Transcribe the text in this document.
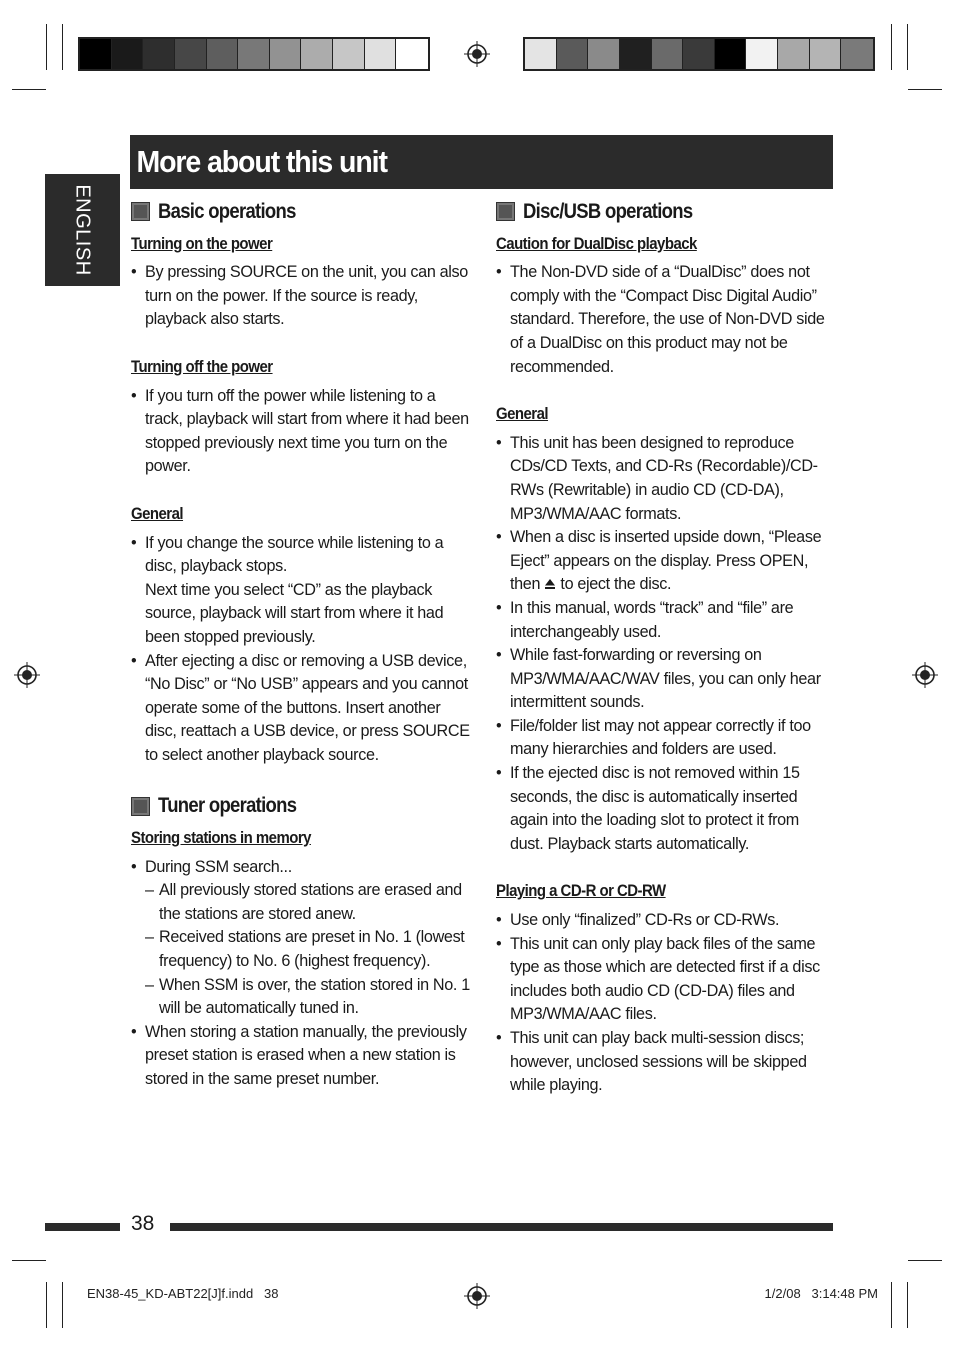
More about this unit
ENGLISH	Basic operations
Turning on the power
• By pressing SOURCE on the unit, you can also turn on the power. If the source is ready, playback also starts.
Turning off the power
• If you turn off the power while listening to a track, playback will start from where it had been stopped previously next time you turn on the power.
General
• If you change the source while listening to a disc, playback stops.
Next time you select “CD” as the playback source, playback will start from where it had been stopped previously.
• After ejecting a disc or removing a USB device, “No Disc” or “No USB” appears and you cannot operate some of the buttons. Insert another disc, reattach a USB device, or press SOURCE to select another playback source.
Tuner operations
Storing stations in memory
• During SSM search...
– All previously stored stations are erased and the stations are stored anew.
– Received stations are preset in No. 1 (lowest frequency) to No. 6 (highest frequency).
– When SSM is over, the station stored in No. 1 will be automatically tuned in.
• When storing a station manually, the previously preset station is erased when a new station is stored in the same preset number.
Disc/USB operations
Caution for DualDisc playback
• The Non-DVD side of a “DualDisc” does not comply with the “Compact Disc Digital Audio” standard. Therefore, the use of Non-DVD side of a DualDisc on this product may not be recommended.
General
• This unit has been designed to reproduce CDs/CD Texts, and CD-Rs (Recordable)/CD-RWs (Rewritable) in audio CD (CD-DA), MP3/WMA/AAC formats.
• When a disc is inserted upside down, “Please Eject” appears on the display. Press OPEN, then to eject the disc.
• In this manual, words “track” and “file” are interchangeably used.
• While fast-forwarding or reversing on MP3/WMA/AAC/WAV files, you can only hear intermittent sounds.
• File/folder list may not appear correctly if too many hierarchies and folders are used.
• If the ejected disc is not removed within 15 seconds, the disc is automatically inserted again into the loading slot to protect it from dust. Playback starts automatically.
Playing a CD-R or CD-RW
• Use only “finalized” CD-Rs or CD-RWs.
• This unit can only play back files of the same type as those which are detected first if a disc includes both audio CD (CD-DA) files and MP3/WMA/AAC files.
• This unit can play back multi-session discs; however, unclosed sessions will be skipped while playing.
38
EN38-45_KD-ABT22[J]f.indd   38	1/2/08   3:14:48 PM
